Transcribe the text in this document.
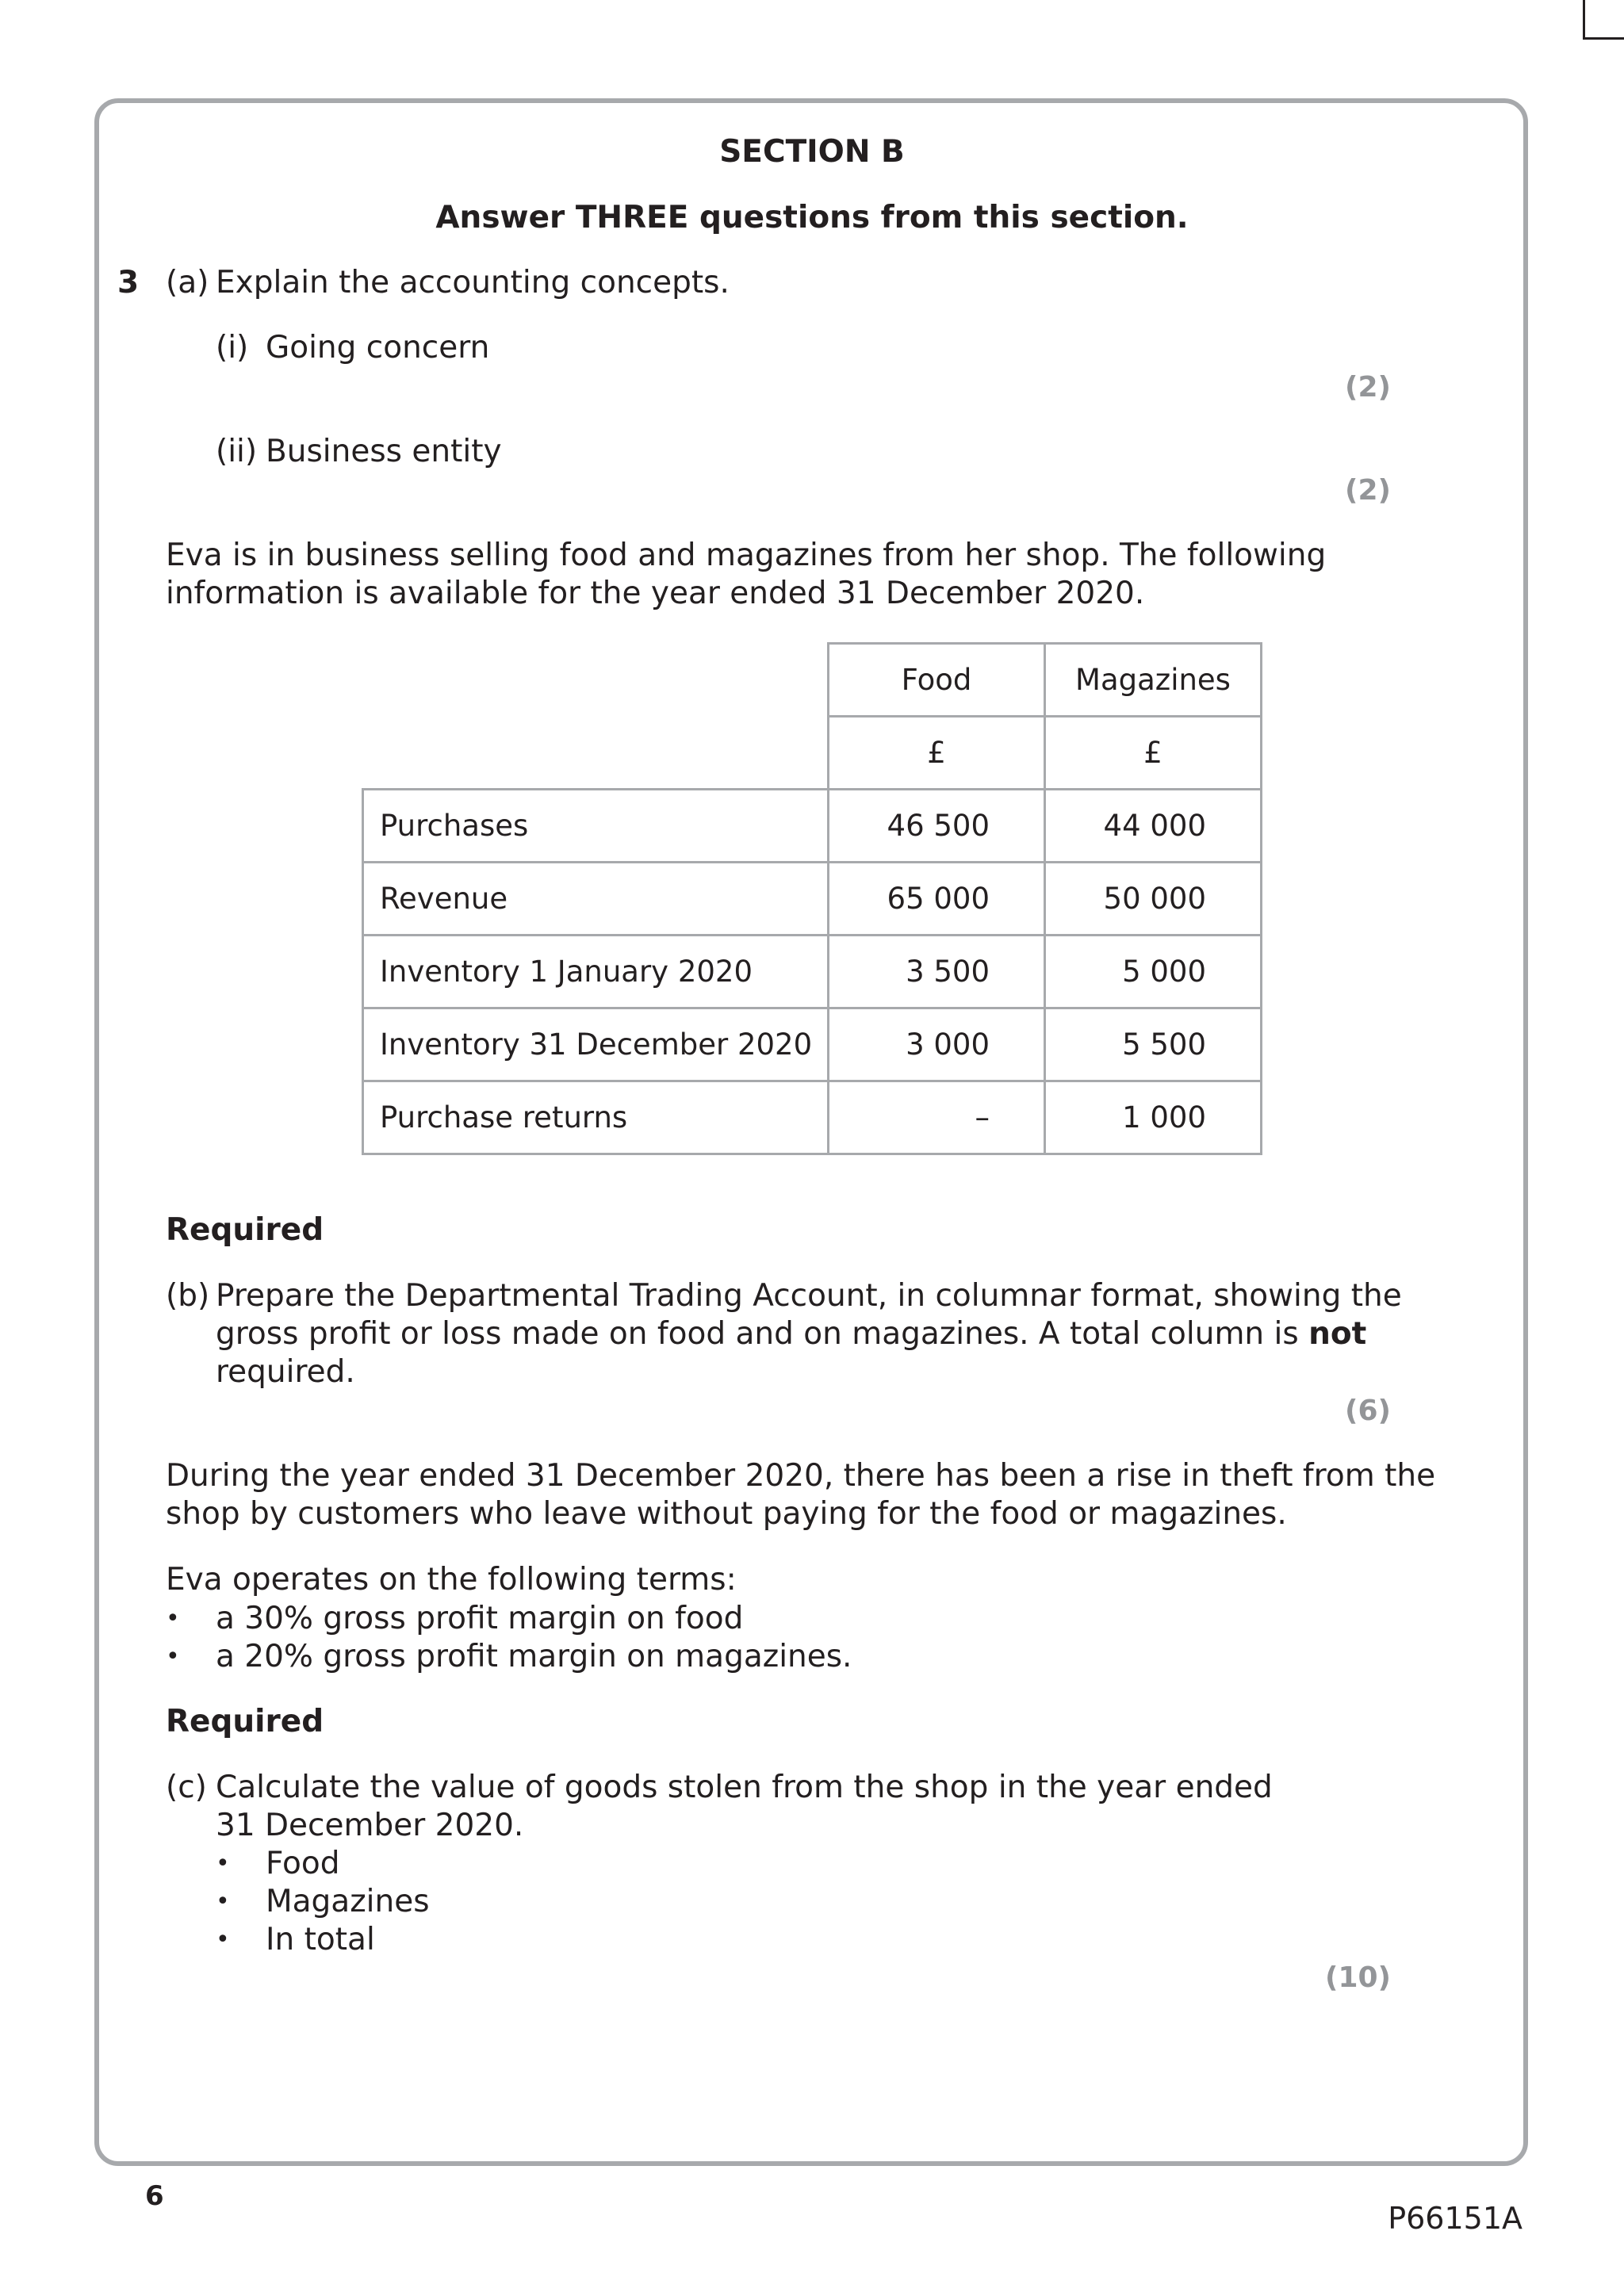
SECTION B
Answer THREE questions from this section.
3 (a) Explain the accounting concepts.
(i) Going concern
(2)
(ii) Business entity
(2)
Eva is in business selling food and magazines from her shop. The following
information is available for the year ended 31 December 2020.
	Food	Magazines
	£	£
Purchases	46 500	44 000
Revenue	65 000	50 000
Inventory 1 January 2020	3 500	5 000
Inventory 31 December 2020	3 000	5 500
Purchase returns	–	1 000
Required
(b) Prepare the Departmental Trading Account, in columnar format, showing the
gross profit or loss made on food and on magazines. A total column is not
required.
(6)
During the year ended 31 December 2020, there has been a rise in theft from the
shop by customers who leave without paying for the food or magazines.
Eva operates on the following terms:
• a 30% gross profit margin on food
• a 20% gross profit margin on magazines.
Required
(c) Calculate the value of goods stolen from the shop in the year ended
31 December 2020.
• Food
• Magazines
• In total
(10)
6
P66151A
